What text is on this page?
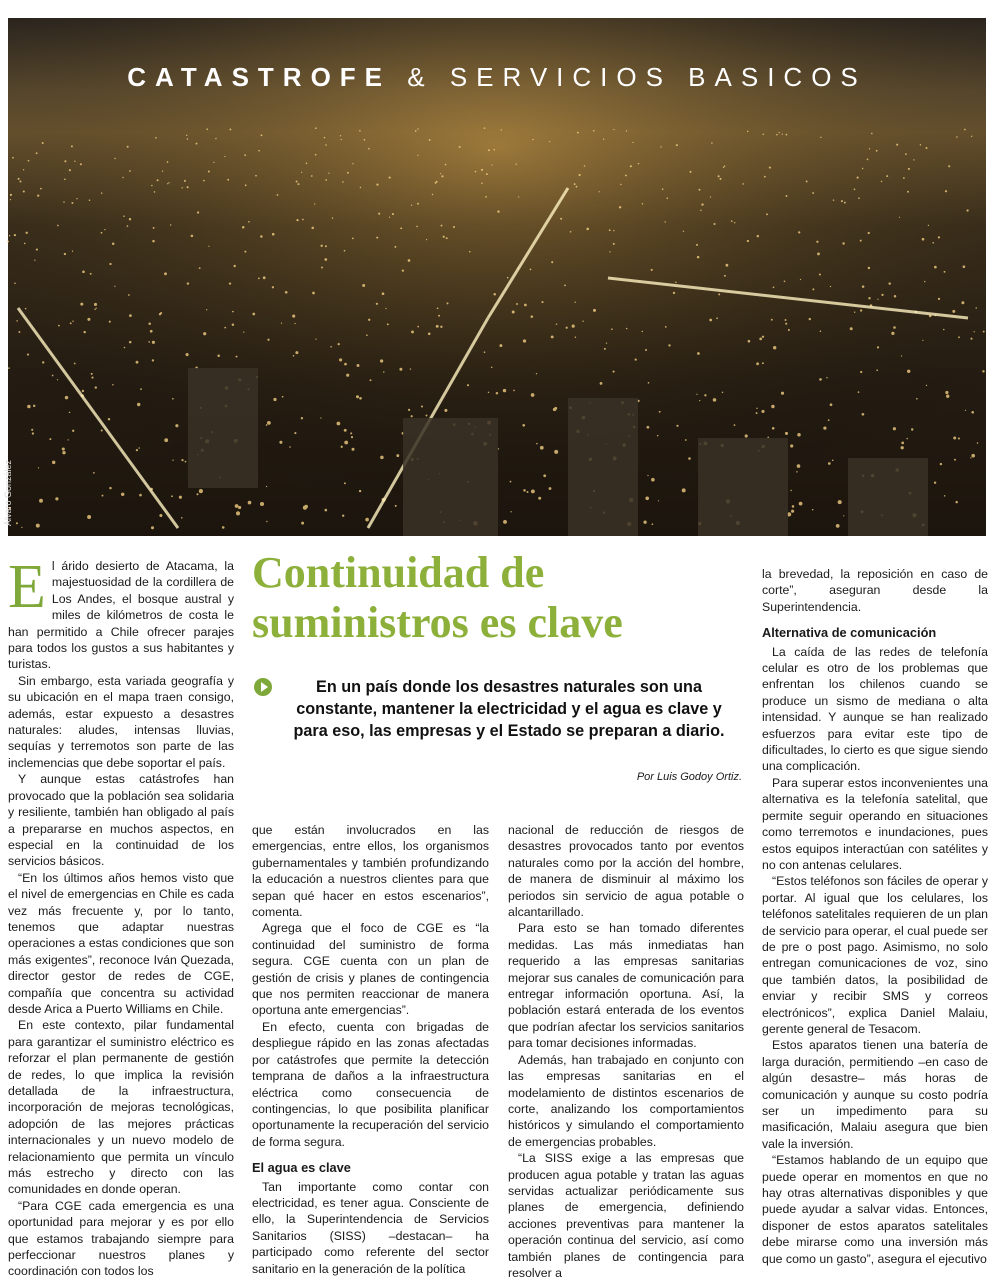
CATASTROFE & SERVICIOS BASICOS
Álvaro González

El árido desierto de Atacama, la majestuosidad de la cordillera de Los Andes, el bosque austral y miles de kilómetros de costa le han permitido a Chile ofrecer parajes para todos los gustos a sus habitantes y turistas.

Sin embargo, esta variada geografía y su ubicación en el mapa traen consigo, además, estar expuesto a desastres naturales: aludes, intensas lluvias, sequías y terremotos son parte de las inclemencias que debe soportar el país.

Y aunque estas catástrofes han provocado que la población sea solidaria y resiliente, también han obligado al país a prepararse en muchos aspectos, en especial en la continuidad de los servicios básicos.

“En los últimos años hemos visto que el nivel de emergencias en Chile es cada vez más frecuente y, por lo tanto, tenemos que adaptar nuestras operaciones a estas condiciones que son más exigentes”, reconoce Iván Quezada, director gestor de redes de CGE, compañía que concentra su actividad desde Arica a Puerto Williams en Chile.

En este contexto, pilar fundamental para garantizar el suministro eléctrico es reforzar el plan permanente de gestión de redes, lo que implica la revisión detallada de la infraestructura, incorporación de mejoras tecnológicas, adopción de las mejores prácticas internacionales y un nuevo modelo de relacionamiento que permita un vínculo más estrecho y directo con las comunidades en donde operan.

“Para CGE cada emergencia es una oportunidad para mejorar y es por ello que estamos trabajando siempre para perfeccionar nuestros planes y coordinación con todos los

Continuidad de
suministros es clave
En un país donde los desastres naturales son una constante, mantener la electricidad y el agua es clave y para eso, las empresas y el Estado se preparan a diario.
Por Luis Godoy Ortiz.

que están involucrados en las emergencias, entre ellos, los organismos gubernamentales y también profundizando la educación a nuestros clientes para que sepan qué hacer en estos escenarios”, comenta.

Agrega que el foco de CGE es “la continuidad del suministro de forma segura. CGE cuenta con un plan de gestión de crisis y planes de contingencia que nos permiten reaccionar de manera oportuna ante emergencias”.

En efecto, cuenta con brigadas de despliegue rápido en las zonas afectadas por catástrofes que permite la detección temprana de daños a la infraestructura eléctrica como consecuencia de contingencias, lo que posibilita planificar oportunamente la recuperación del servicio de forma segura.

El agua es clave

Tan importante como contar con electricidad, es tener agua. Consciente de ello, la Superintendencia de Servicios Sanitarios (SISS) –destacan– ha participado como referente del sector sanitario en la generación de la política

nacional de reducción de riesgos de desastres provocados tanto por eventos naturales como por la acción del hombre, de manera de disminuir al máximo los periodos sin servicio de agua potable o alcantarillado.

Para esto se han tomado diferentes medidas. Las más inmediatas han requerido a las empresas sanitarias mejorar sus canales de comunicación para entregar información oportuna. Así, la población estará enterada de los eventos que podrían afectar los servicios sanitarios para tomar decisiones informadas.

Además, han trabajado en conjunto con las empresas sanitarias en el modelamiento de distintos escenarios de corte, analizando los comportamientos históricos y simulando el comportamiento de emergencias probables.

“La SISS exige a las empresas que producen agua potable y tratan las aguas servidas actualizar periódicamente sus planes de emergencia, definiendo acciones preventivas para mantener la operación continua del servicio, así como también planes de contingencia para resolver a

la brevedad, la reposición en caso de corte”, aseguran desde la Superintendencia.

Alternativa de comunicación

La caída de las redes de telefonía celular es otro de los problemas que enfrentan los chilenos cuando se produce un sismo de mediana o alta intensidad. Y aunque se han realizado esfuerzos para evitar este tipo de dificultades, lo cierto es que sigue siendo una complicación.

Para superar estos inconvenientes una alternativa es la telefonía satelital, que permite seguir operando en situaciones como terremotos e inundaciones, pues estos equipos interactúan con satélites y no con antenas celulares.

“Estos teléfonos son fáciles de operar y portar. Al igual que los celulares, los teléfonos satelitales requieren de un plan de servicio para operar, el cual puede ser de pre o post pago. Asimismo, no solo entregan comunicaciones de voz, sino que también datos, la posibilidad de enviar y recibir SMS y correos electrónicos”, explica Daniel Malaiu, gerente general de Tesacom.

Estos aparatos tienen una batería de larga duración, permitiendo –en caso de algún desastre– más horas de comunicación y aunque su costo podría ser un impedimento para su masificación, Malaiu asegura que bien vale la inversión.

“Estamos hablando de un equipo que puede operar en momentos en que no hay otras alternativas disponibles y que puede ayudar a salvar vidas. Entonces, disponer de estos aparatos satelitales debe mirarse como una inversión más que como un gasto”, asegura el ejecutivo
